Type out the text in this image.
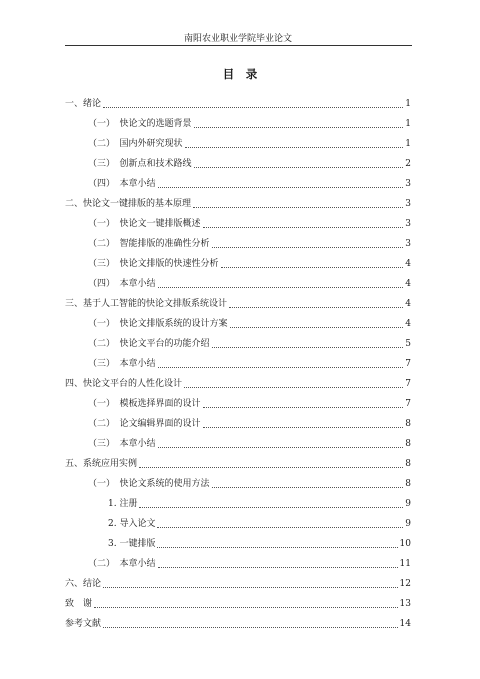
南阳农业职业学院毕业论文
目　录
一、绪论	1
（一）　快论文的选题背景	1
（二）　国内外研究现状	1
（三）　创新点和技术路线	2
（四）　本章小结	3
二、快论文一键排版的基本原理	3
（一）　快论文一键排版概述	3
（二）　智能排版的准确性分析	3
（三）　快论文排版的快速性分析	4
（四）　本章小结	4
三、基于人工智能的快论文排版系统设计	4
（一）　快论文排版系统的设计方案	4
（二）　快论文平台的功能介绍	5
（三）　本章小结	7
四、快论文平台的人性化设计	7
（一）　模板选择界面的设计	7
（二）　论文编辑界面的设计	8
（三）　本章小结	8
五、系统应用实例	8
（一）　快论文系统的使用方法	8
1. 注册	9
2. 导入论文	9
3. 一键排版	10
（二）　本章小结	11
六、结论	12
致　谢	13
参考文献	14
